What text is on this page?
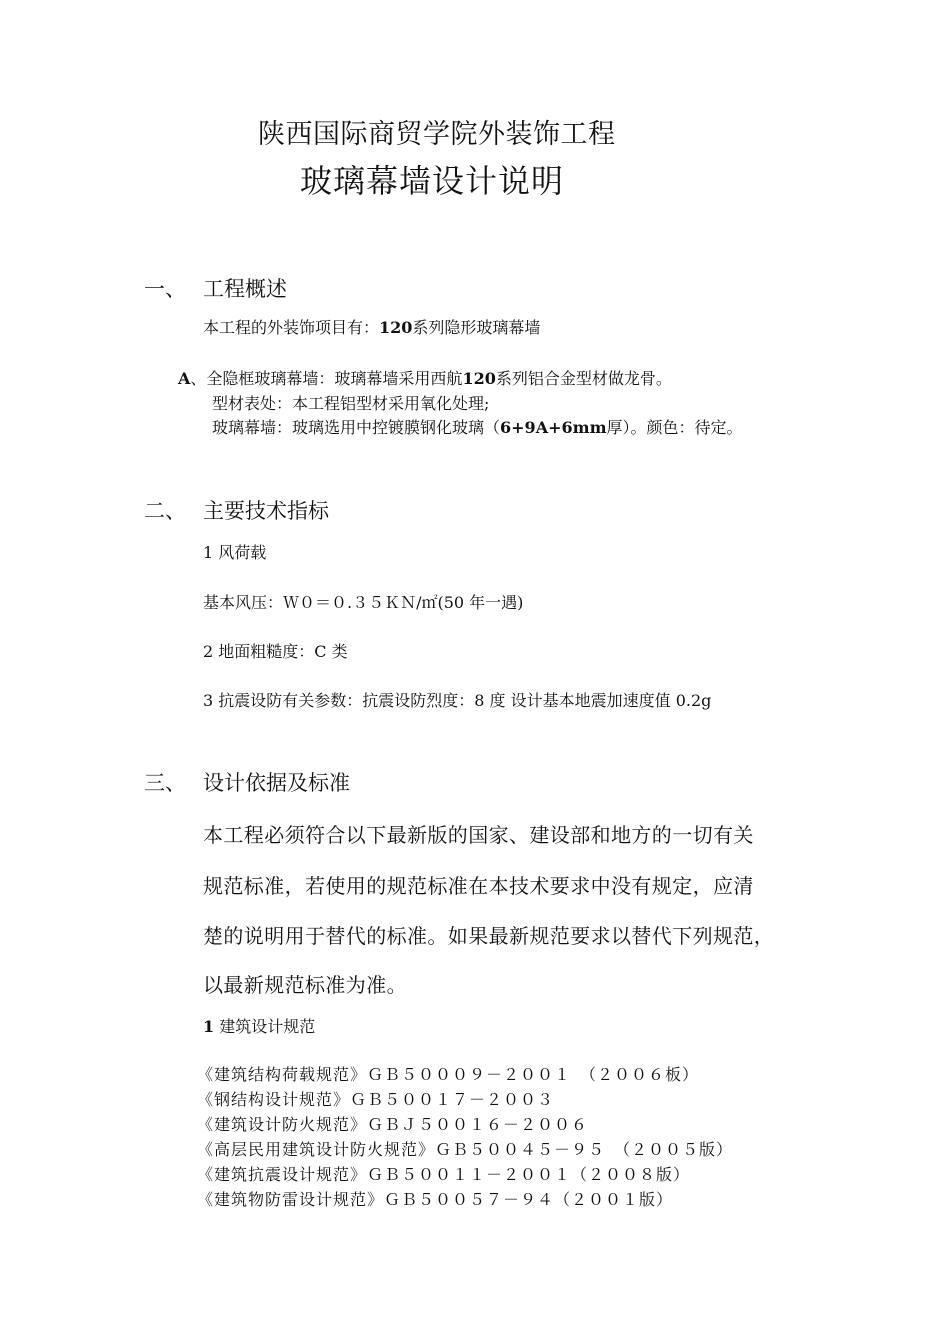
陕西国际商贸学院外装饰工程
玻璃幕墙设计说明
一、 工程概述
本工程的外装饰项目有：120系列隐形玻璃幕墙
A、全隐框玻璃幕墙：玻璃幕墙采用西航120系列铝合金型材做龙骨。
型材表处：本工程铝型材采用氧化处理;
玻璃幕墙：玻璃选用中控镀膜钢化玻璃（6+9A+6mm厚）。颜色：待定。
二、 主要技术指标
1 风荷载
基本风压：Ｗ０＝０.３５ＫＮ/㎡(50 年一遇)
2 地面粗糙度：C 类
3 抗震设防有关参数：抗震设防烈度：8 度 设计基本地震加速度值 0.2g
三、 设计依据及标准
本工程必须符合以下最新版的国家、建设部和地方的一切有关
规范标准，若使用的规范标准在本技术要求中没有规定，应清
楚的说明用于替代的标准。如果最新规范要求以替代下列规范，
以最新规范标准为准。
1 建筑设计规范
《建筑结构荷载规范》ＧＢ５０００９－２００１　（２００６板）
《钢结构设计规范》ＧＢ５００１７－２００３
《建筑设计防火规范》ＧＢＪ５００１６－２００６
《高层民用建筑设计防火规范》ＧＢ５００４５－９５　（２００５版）
《建筑抗震设计规范》ＧＢ５００１１－２００１（２００８版）
《建筑物防雷设计规范》ＧＢ５００５７－９４（２００１版）
